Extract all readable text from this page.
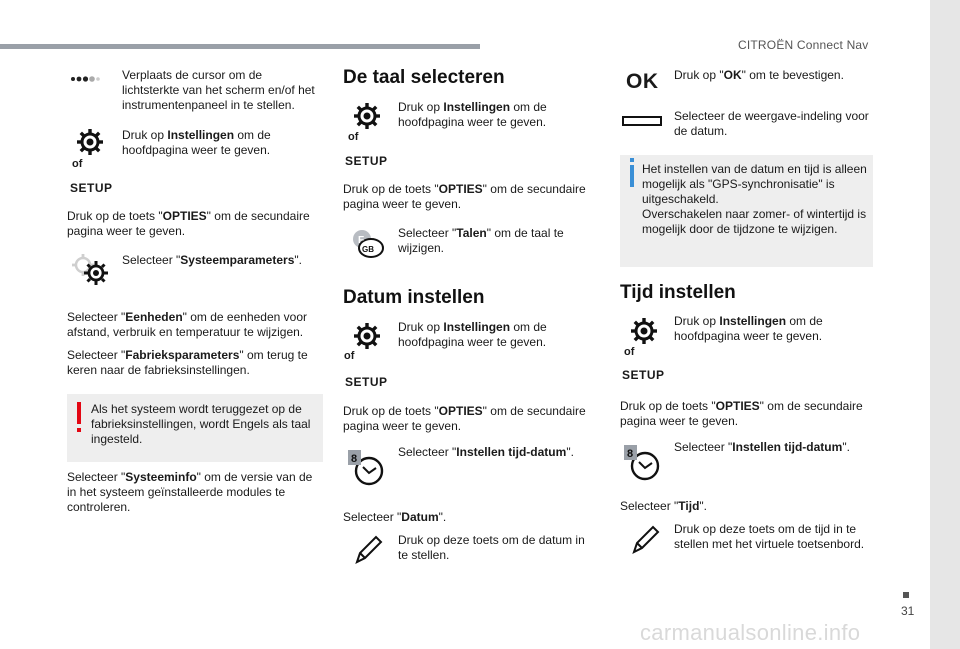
CITROËN Connect Nav
31
carmanualsonline.info
Verplaats de cursor om de lichtsterkte van het scherm en/of het instrumentenpaneel in te stellen.
of
SETUP
Druk op Instellingen om de hoofdpagina weer te geven.
Druk op de toets "OPTIES" om de secundaire pagina weer te geven.
Selecteer "Systeemparameters".
Selecteer "Eenheden" om de eenheden voor afstand, verbruik en temperatuur te wijzigen.
Selecteer "Fabrieksparameters" om terug te keren naar de fabrieksinstellingen.
Als het systeem wordt teruggezet op de fabrieksinstellingen, wordt Engels als taal ingesteld.
Selecteer "Systeeminfo" om de versie van de in het systeem geïnstalleerde modules te controleren.
De taal selecteren
of
SETUP
Druk op Instellingen om de hoofdpagina weer te geven.
Druk op de toets "OPTIES" om de secundaire pagina weer te geven.
F
GB
Selecteer "Talen" om de taal te wijzigen.
Datum instellen
of
SETUP
Druk op Instellingen om de hoofdpagina weer te geven.
Druk op de toets "OPTIES" om de secundaire pagina weer te geven.
8	Selecteer "Instellen tijd-datum".
Selecteer "Datum".
Druk op deze toets om de datum in te stellen.
OK Druk op "OK" om te bevestigen.
Selecteer de weergave-indeling voor de datum.
Het instellen van de datum en tijd is alleen mogelijk als "GPS-synchronisatie" is uitgeschakeld.
Overschakelen naar zomer- of wintertijd is mogelijk door de tijdzone te wijzigen.
Tijd instellen
of
SETUP
Druk op Instellingen om de hoofdpagina weer te geven.
Druk op de toets "OPTIES" om de secundaire pagina weer te geven.
8	Selecteer "Instellen tijd-datum".
Selecteer "Tijd".
Druk op deze toets om de tijd in te stellen met het virtuele toetsenbord.
